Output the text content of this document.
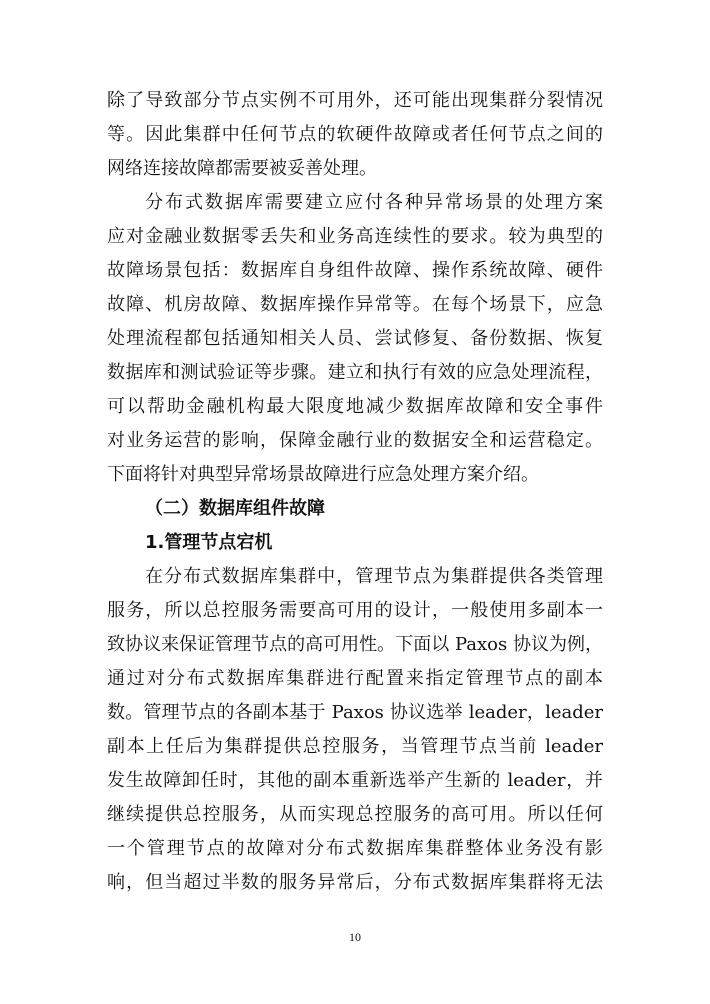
除了导致部分节点实例不可用外，还可能出现集群分裂情况
等。因此集群中任何节点的软硬件故障或者任何节点之间的
网络连接故障都需要被妥善处理。
分布式数据库需要建立应付各种异常场景的处理方案
应对金融业数据零丢失和业务高连续性的要求。较为典型的
故障场景包括：数据库自身组件故障、操作系统故障、硬件
故障、机房故障、数据库操作异常等。在每个场景下，应急
处理流程都包括通知相关人员、尝试修复、备份数据、恢复
数据库和测试验证等步骤。建立和执行有效的应急处理流程，
可以帮助金融机构最大限度地减少数据库故障和安全事件
对业务运营的影响，保障金融行业的数据安全和运营稳定。
下面将针对典型异常场景故障进行应急处理方案介绍。
（二）数据库组件故障
1.管理节点宕机
在分布式数据库集群中，管理节点为集群提供各类管理
服务，所以总控服务需要高可用的设计，一般使用多副本一
致协议来保证管理节点的高可用性。下面以 Paxos 协议为例，
通过对分布式数据库集群进行配置来指定管理节点的副本
数。管理节点的各副本基于 Paxos 协议选举 leader，leader
副本上任后为集群提供总控服务，当管理节点当前 leader
发生故障卸任时，其他的副本重新选举产生新的 leader，并
继续提供总控服务，从而实现总控服务的高可用。所以任何
一个管理节点的故障对分布式数据库集群整体业务没有影
响，但当超过半数的服务异常后，分布式数据库集群将无法
10
